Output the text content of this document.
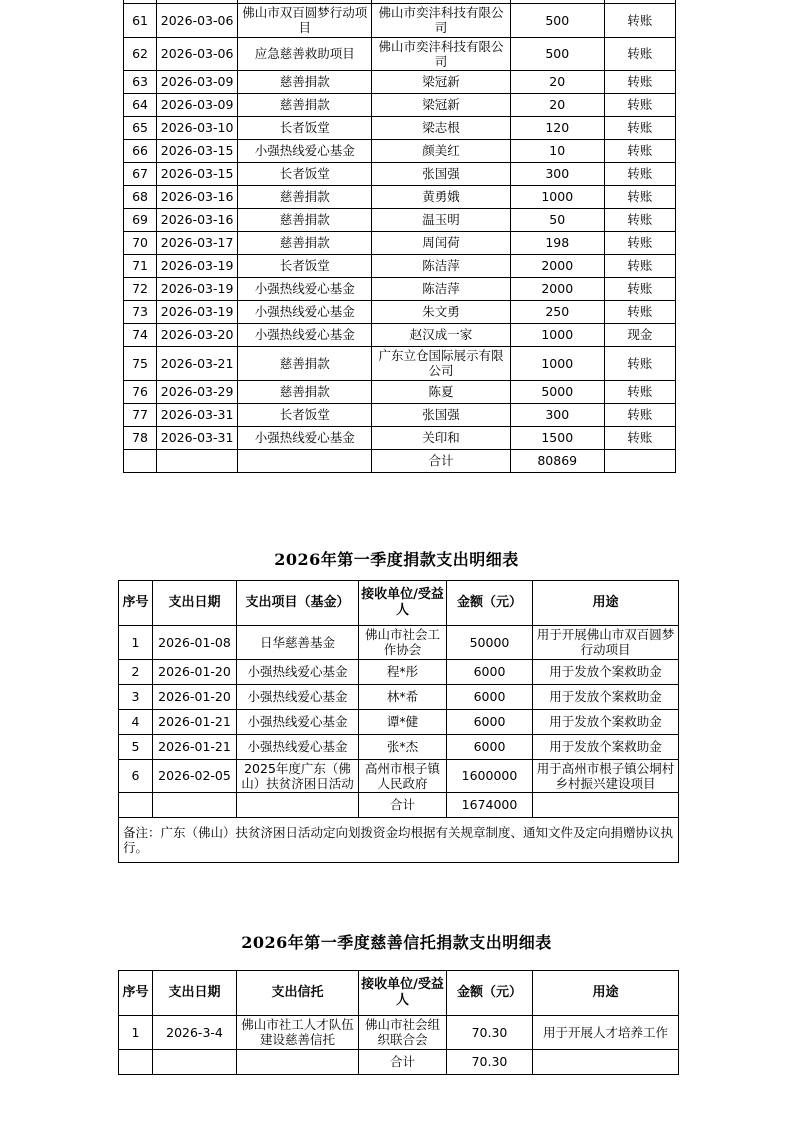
61	2026-03-06	佛山市双百圆梦行动项目	佛山市奕沣科技有限公司	500	转账
62	2026-03-06	应急慈善救助项目	佛山市奕沣科技有限公司	500	转账
63	2026-03-09	慈善捐款	梁冠新	20	转账
64	2026-03-09	慈善捐款	梁冠新	20	转账
65	2026-03-10	长者饭堂	梁志根	120	转账
66	2026-03-15	小强热线爱心基金	颜美红	10	转账
67	2026-03-15	长者饭堂	张国强	300	转账
68	2026-03-16	慈善捐款	黄勇娥	1000	转账
69	2026-03-16	慈善捐款	温玉明	50	转账
70	2026-03-17	慈善捐款	周闰荷	198	转账
71	2026-03-19	长者饭堂	陈洁萍	2000	转账
72	2026-03-19	小强热线爱心基金	陈洁萍	2000	转账
73	2026-03-19	小强热线爱心基金	朱文勇	250	转账
74	2026-03-20	小强热线爱心基金	赵汉成一家	1000	现金
75	2026-03-21	慈善捐款	广东立仓国际展示有限公司	1000	转账
76	2026-03-29	慈善捐款	陈夏	5000	转账
77	2026-03-31	长者饭堂	张国强	300	转账
78	2026-03-31	小强热线爱心基金	关印和	1500	转账
			合计	80869	
2026年第一季度捐款支出明细表
序号	支出日期	支出项目（基金）	接收单位/受益人	金额（元）	用途
1	2026-01-08	日华慈善基金	佛山市社会工作协会	50000	用于开展佛山市双百圆梦行动项目
2	2026-01-20	小强热线爱心基金	程*彤	6000	用于发放个案救助金
3	2026-01-20	小强热线爱心基金	林*希	6000	用于发放个案救助金
4	2026-01-21	小强热线爱心基金	谭*健	6000	用于发放个案救助金
5	2026-01-21	小强热线爱心基金	张*杰	6000	用于发放个案救助金
6	2026-02-05	2025年度广东（佛山）扶贫济困日活动	高州市根子镇人民政府	1600000	用于高州市根子镇公垌村乡村振兴建设项目
			合计	1674000	
备注：广东（佛山）扶贫济困日活动定向划拨资金均根据有关规章制度、通知文件及定向捐赠协议执行。					
2026年第一季度慈善信托捐款支出明细表
序号	支出日期	支出信托	接收单位/受益人	金额（元）	用途
1	2026-3-4	佛山市社工人才队伍建设慈善信托	佛山市社会组织联合会	70.30	用于开展人才培养工作
			合计	70.30	
